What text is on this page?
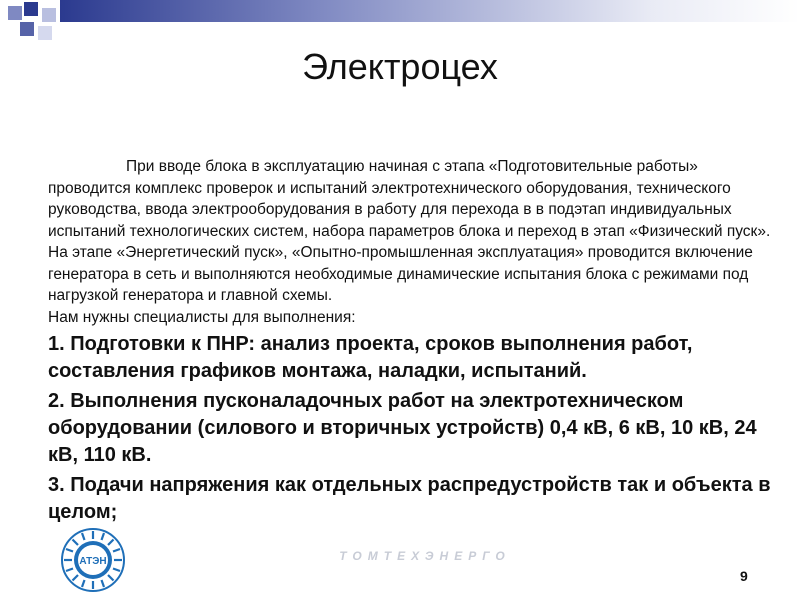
Электроцех

При вводе блока в эксплуатацию начиная с этапа «Подготовительные работы» проводится комплекс проверок и испытаний электротехнического оборудования, технического руководства, ввода электрооборудования в работу для перехода в в подэтап индивидуальных испытаний технологических систем, набора параметров блока и переход в этап «Физический пуск».

На этапе «Энергетический пуск», «Опытно-промышленная эксплуатация» проводится включение генератора в сеть и выполняются необходимые динамические испытания блока с режимами под нагрузкой генератора и главной схемы.

Нам нужны специалисты для выполнения:

1. Подготовки к ПНР: анализ проекта, сроков выполнения работ, составления графиков монтажа, наладки, испытаний.

2. Выполнения пусконаладочных работ на электротехническом оборудовании (силового и вторичных устройств) 0,4 кВ, 6 кВ, 10 кВ, 24 кВ, 110 кВ.

3. Подачи напряжения как отдельных распредустройств так и объекта в целом;

АТЭН	ТОМТЕХЭНЕРГО
9
